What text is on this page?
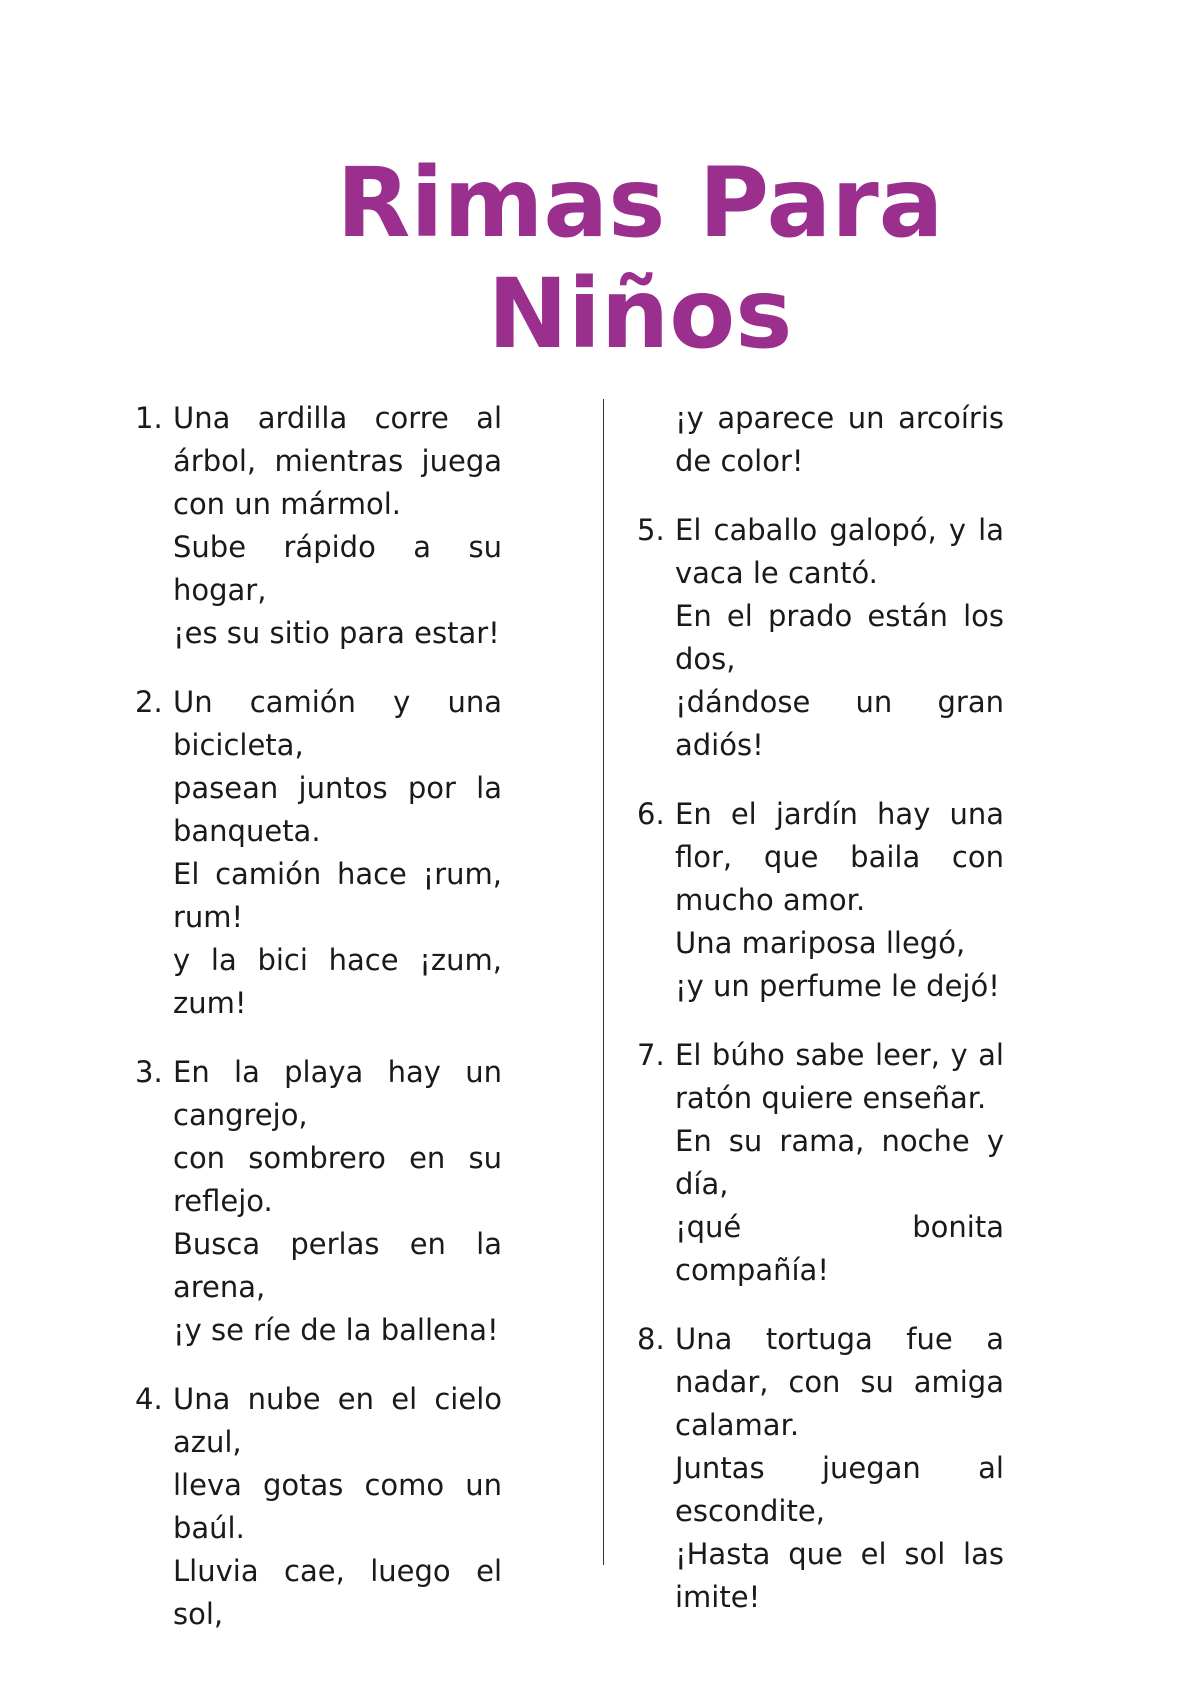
Rimas Para
Niños
1. Una ardilla corre al árbol, mientras juega con un mármol.
Sube rápido a su hogar,
¡es su sitio para estar!
2. Un camión y una bicicleta,
pasean juntos por la banqueta.
El camión hace ¡rum, rum!
y la bici hace ¡zum, zum!
3. En la playa hay un cangrejo,
con sombrero en su reflejo.
Busca perlas en la arena,
¡y se ríe de la ballena!
4. Una nube en el cielo azul,
lleva gotas como un baúl.
Lluvia cae, luego el sol,
¡y aparece un arcoíris de color!
5. El caballo galopó, y la vaca le cantó.
En el prado están los dos,
¡dándose un gran adiós!
6. En el jardín hay una flor, que baila con mucho amor.
Una mariposa llegó,
¡y un perfume le dejó!
7. El búho sabe leer, y al ratón quiere enseñar.
En su rama, noche y día,
¡qué bonita compañía!
8. Una tortuga fue a nadar, con su amiga calamar.
Juntas juegan al escondite,
¡Hasta que el sol las imite!
